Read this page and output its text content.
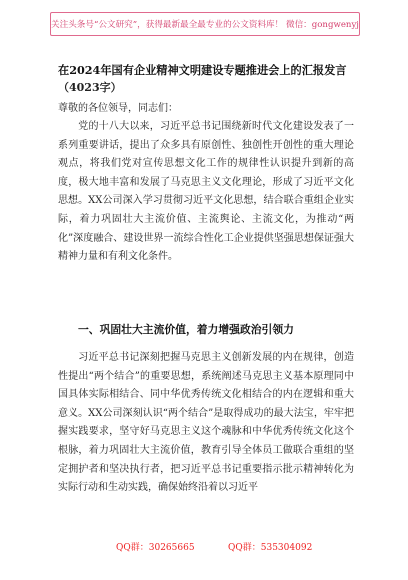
关注头条号“公文研究”，获得最新最全最专业的公文资料库！ 微信：gongwenyj
在2024年国有企业精神文明建设专题推进会上的汇报发言
（4023字）
尊敬的各位领导，同志们：
党的十八大以来，习近平总书记围绕新时代文化建设发表了一系列重要讲话，提出了众多具有原创性、独创性开创性的重大理论观点，将我们党对宣传思想文化工作的规律性认识提升到新的高度，极大地丰富和发展了马克思主义文化理论，形成了习近平文化思想。XX公司深入学习贯彻习近平文化思想，结合联合重组企业实际，着力巩固壮大主流价值、主流舆论、主流文化，为推动“两化”深度融合、建设世界一流综合性化工企业提供坚强思想保证强大精神力量和有利文化条件。
一、巩固壮大主流价值，着力增强政治引领力
习近平总书记深刻把握马克思主义创新发展的内在规律，创造性提出“两个结合”的重要思想，系统阐述马克思主义基本原理同中国具体实际相结合、同中华优秀传统文化相结合的内在逻辑和重大意义。XX公司深刻认识“两个结合”是取得成功的最大法宝，牢牢把握实践要求，坚守好马克思主义这个魂脉和中华优秀传统文化这个根脉，着力巩固壮大主流价值，教育引导全体员工做联合重组的坚定拥护者和坚决执行者，把习近平总书记重要指示批示精神转化为实际行动和生动实践，确保始终沿着以习近平
QQ群：30265665	QQ群：535304092
